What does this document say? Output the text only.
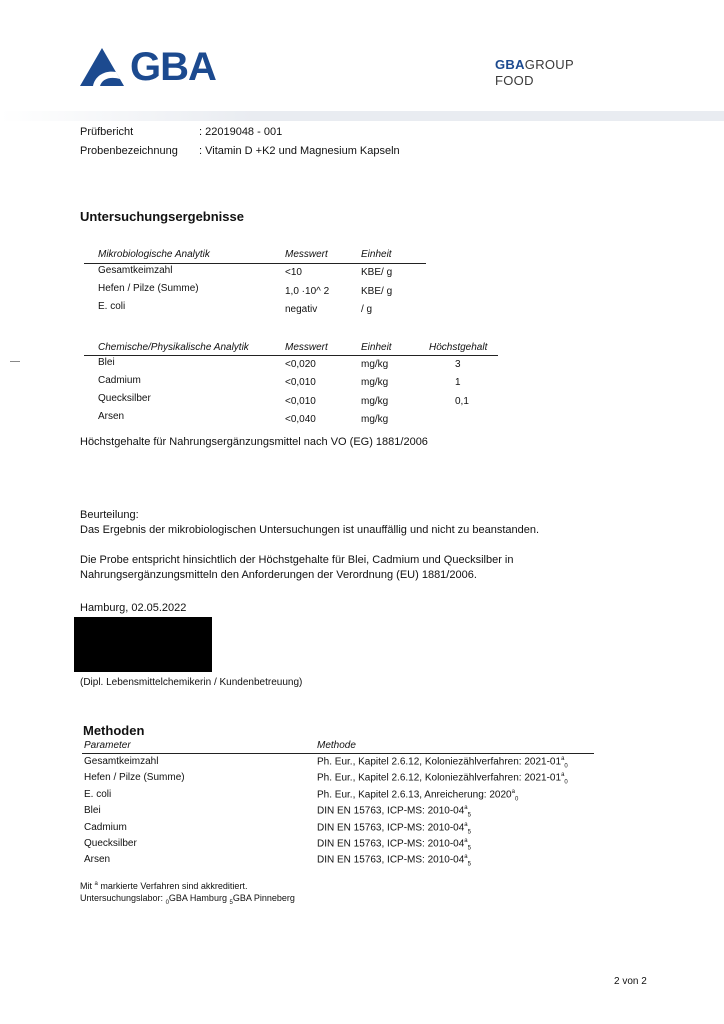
GBA	GBAGROUP
FOOD
Prüfbericht	: 22019048 - 001
Probenbezeichnung : Vitamin D +K2 und Magnesium Kapseln
Untersuchungsergebnisse
Mikrobiologische Analytik	Messwert	Einheit
Gesamtkeimzahl	<10	KBE/ g
Hefen / Pilze (Summe)	1,0 ·10^ 2	KBE/ g
E. coli	negativ	/ g
Chemische/Physikalische Analytik	Messwert	Einheit	Höchstgehalt
Blei	<0,020	mg/kg	3
Cadmium	<0,010	mg/kg	1
Quecksilber	<0,010	mg/kg	0,1
Arsen	<0,040	mg/kg
Höchstgehalte für Nahrungsergänzungsmittel nach VO (EG) 1881/2006
Beurteilung:
Das Ergebnis der mikrobiologischen Untersuchungen ist unauffällig und nicht zu beanstanden.
Die Probe entspricht hinsichtlich der Höchstgehalte für Blei, Cadmium und Quecksilber in
Nahrungsergänzungsmitteln den Anforderungen der Verordnung (EU) 1881/2006.
Hamburg, 02.05.2022
(Dipl. Lebensmittelchemikerin / Kundenbetreuung)
Methoden
Parameter	Methode
Gesamtkeimzahl	Ph. Eur., Kapitel 2.6.12, Koloniezählverfahren: $2021-01^a_0$
Hefen / Pilze (Summe)	Ph. Eur., Kapitel 2.6.12, Koloniezählverfahren: $2021-01^a_0$
E. coli	Ph. Eur., Kapitel 2.6.13, Anreicherung: $2020^a_0$
Blei	DIN EN 15763, ICP-MS: $2010-04^a_5$
Cadmium	DIN EN 15763, ICP-MS: $2010-04^a_5$
Quecksilber	DIN EN 15763, ICP-MS: $2010-04^a_5$
Arsen	DIN EN 15763, ICP-MS: $2010-04^a_5$
Mit $^a$ markierte Verfahren sind akkreditiert.
Untersuchungslabor: $_0$GBA Hamburg $_5$GBA Pinneberg
2 von 2
